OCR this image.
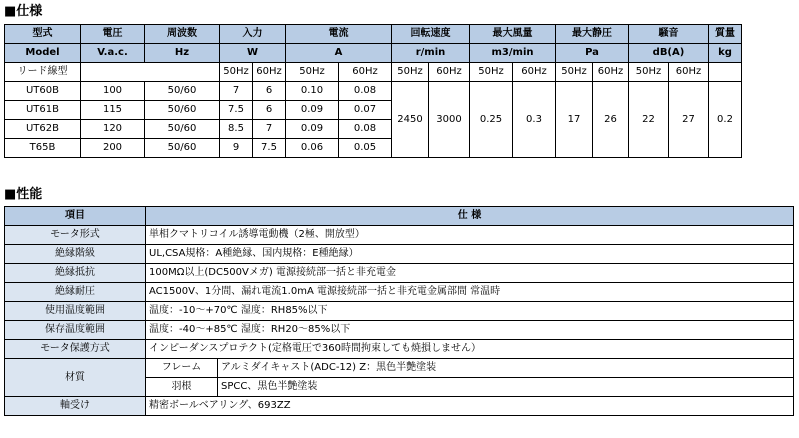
■仕様
型式	電圧	周波数	入力		電流		回転速度		最大風量		最大静圧		騒音		質量
Model	V.a.c.	Hz	W		A		r/min		m3/min		Pa		dB(A)		kg
リード線型			50Hz	60Hz	50Hz	60Hz	50Hz	60Hz	50Hz	60Hz	50Hz	60Hz	50Hz	60Hz	
UT60B	100	50/60	7	6	0.10	0.08	2450	3000	0.25	0.3	17	26	22	27	0.2
UT61B	115	50/60	7.5	6	0.09	0.07									
UT62B	120	50/60	8.5	7	0.09	0.08									
T65B	200	50/60	9	7.5	0.06	0.05									
■性能
項目	仕 様	
モータ形式	単相クマトリコイル誘導電動機（2極、開放型）	
絶縁階級	UL,CSA規格：A種絶縁、国内規格：E種絶縁）	
絶縁抵抗	100MΩ以上(DC500Vメガ) 電源接続部一括と非充電金	
絶縁耐圧	AC1500V、1分間、漏れ電流1.0mA 電源接続部一括と非充電金属部間 常温時	
使用温度範囲	温度：-10～+70℃ 湿度：RH85%以下	
保存温度範囲	温度：-40～+85℃ 湿度：RH20～85%以下	
モータ保護方式	インピーダンスプロテクト(定格電圧で360時間拘束しても焼損しません）	
材質	フレーム	アルミダイキャスト(ADC-12) Z：黒色半艶塗装
	羽根	SPCC、黒色半艶塗装
軸受け	精密ボールベアリング、693ZZ	
